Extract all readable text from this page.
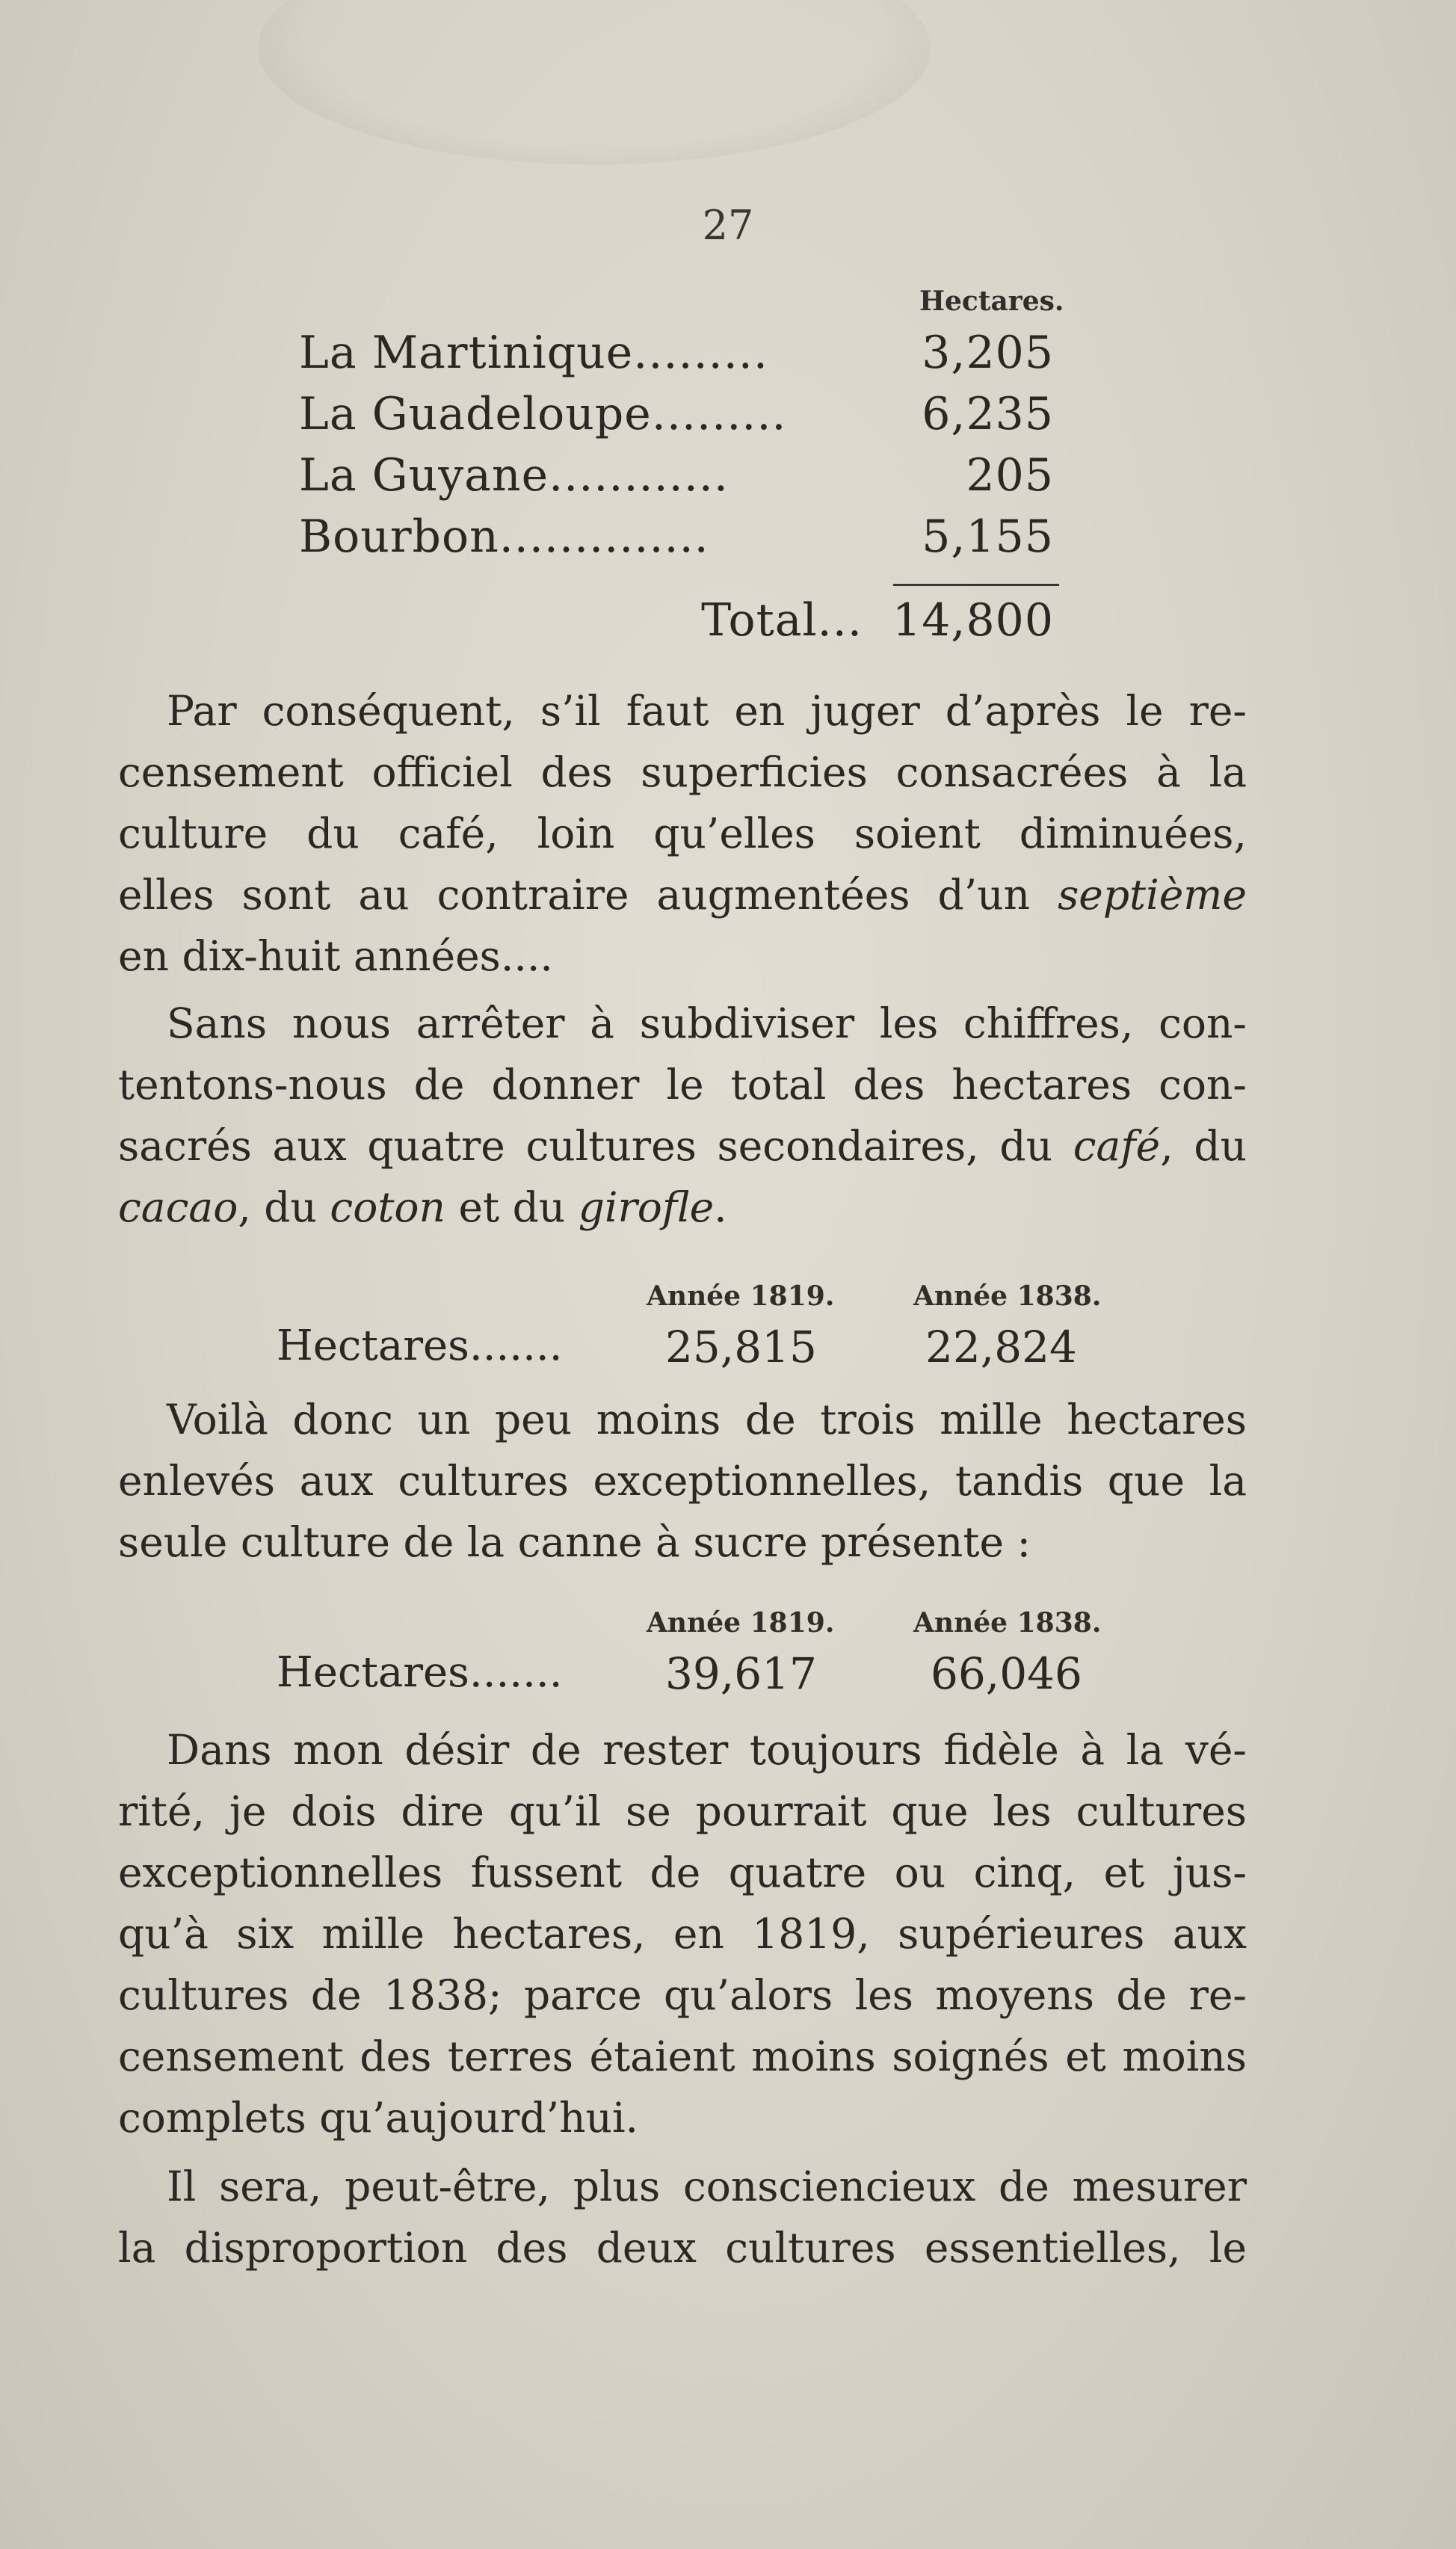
27
Hectares.
La Martinique.........	3,205
La Guadeloupe.........	6,235
La Guyane............	205
Bourbon..............	5,155
Total...  14,800
Par conséquent, s’il faut en juger d’après le re-
censement officiel des superficies consacrées à la
culture du café, loin qu’elles soient diminuées,
elles sont au contraire augmentées d’un septième
en dix-huit années....
Sans nous arrêter à subdiviser les chiffres, con-
tentons-nous de donner le total des hectares con-
sacrés aux quatre cultures secondaires, du café, du
cacao, du coton et du girofle.
Année 1819.	Année 1838.
Hectares....... 25,815	22,824
Voilà donc un peu moins de trois mille hectares
enlevés aux cultures exceptionnelles, tandis que la
seule culture de la canne à sucre présente :
Année 1819.	Année 1838.
Hectares....... 39,617	66,046
Dans mon désir de rester toujours fidèle à la vé-
rité, je dois dire qu’il se pourrait que les cultures
exceptionnelles fussent de quatre ou cinq, et jus-
qu’à six mille hectares, en 1819, supérieures aux
cultures de 1838; parce qu’alors les moyens de re-
censement des terres étaient moins soignés et moins
complets qu’aujourd’hui.
Il sera, peut-être, plus consciencieux de mesurer
la disproportion des deux cultures essentielles, le
